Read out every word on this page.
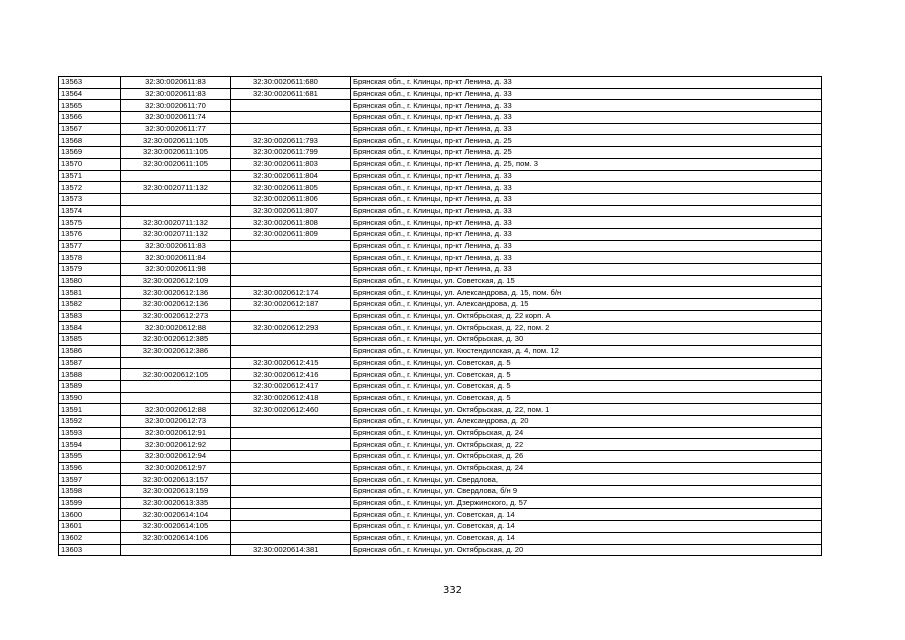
13563	32:30:0020611:83	32:30:0020611:680	Брянская обл., г. Клинцы, пр-кт Ленина, д. 33
13564	32:30:0020611:83	32:30:0020611:681	Брянская обл., г. Клинцы, пр-кт Ленина, д. 33
13565	32:30:0020611:70		Брянская обл., г. Клинцы, пр-кт Ленина, д. 33
13566	32:30:0020611:74		Брянская обл., г. Клинцы, пр-кт Ленина, д. 33
13567	32:30:0020611:77		Брянская обл., г. Клинцы, пр-кт Ленина, д. 33
13568	32:30:0020611:105	32:30:0020611:793	Брянская обл., г. Клинцы, пр-кт Ленина, д. 25
13569	32:30:0020611:105	32:30:0020611:799	Брянская обл., г. Клинцы, пр-кт Ленина, д. 25
13570	32:30:0020611:105	32:30:0020611:803	Брянская обл., г. Клинцы, пр-кт Ленина, д. 25, пом. 3
13571		32:30:0020611:804	Брянская обл., г. Клинцы, пр-кт Ленина, д. 33
13572	32:30:0020711:132	32:30:0020611:805	Брянская обл., г. Клинцы, пр-кт Ленина, д. 33
13573		32:30:0020611:806	Брянская обл., г. Клинцы, пр-кт Ленина, д. 33
13574		32:30:0020611:807	Брянская обл., г. Клинцы, пр-кт Ленина, д. 33
13575	32:30:0020711:132	32:30:0020611:808	Брянская обл., г. Клинцы, пр-кт Ленина, д. 33
13576	32:30:0020711:132	32:30:0020611:809	Брянская обл., г. Клинцы, пр-кт Ленина, д. 33
13577	32:30:0020611:83		Брянская обл., г. Клинцы, пр-кт Ленина, д. 33
13578	32:30:0020611:84		Брянская обл., г. Клинцы, пр-кт Ленина, д. 33
13579	32:30:0020611:98		Брянская обл., г. Клинцы, пр-кт Ленина, д. 33
13580	32:30:0020612:109		Брянская обл., г. Клинцы, ул. Советская, д. 15
13581	32:30:0020612:136	32:30:0020612:174	Брянская обл., г. Клинцы, ул. Александрова, д. 15, пом. б/н
13582	32:30:0020612:136	32:30:0020612:187	Брянская обл., г. Клинцы, ул. Александрова, д. 15
13583	32:30:0020612:273		Брянская обл., г. Клинцы, ул. Октябрьская, д. 22 корп. А
13584	32:30:0020612:88	32:30:0020612:293	Брянская обл., г. Клинцы, ул. Октябрьская, д. 22, пом. 2
13585	32:30:0020612:385		Брянская обл., г. Клинцы, ул. Октябрьская, д. 30
13586	32:30:0020612:386		Брянская обл., г. Клинцы, ул. Кюстендилская, д. 4, пом. 12
13587		32:30:0020612:415	Брянская обл., г. Клинцы, ул. Советская, д. 5
13588	32:30:0020612:105	32:30:0020612:416	Брянская обл., г. Клинцы, ул. Советская, д. 5
13589		32:30:0020612:417	Брянская обл., г. Клинцы, ул. Советская, д. 5
13590		32:30:0020612:418	Брянская обл., г. Клинцы, ул. Советская, д. 5
13591	32:30:0020612:88	32:30:0020612:460	Брянская обл., г. Клинцы, ул. Октябрьская, д. 22, пом. 1
13592	32:30:0020612:73		Брянская обл., г. Клинцы, ул. Александрова, д. 20
13593	32:30:0020612:91		Брянская обл., г. Клинцы, ул. Октябрьская, д. 24
13594	32:30:0020612:92		Брянская обл., г. Клинцы, ул. Октябрьская, д. 22
13595	32:30:0020612:94		Брянская обл., г. Клинцы, ул. Октябрьская, д. 26
13596	32:30:0020612:97		Брянская обл., г. Клинцы, ул. Октябрьская, д. 24
13597	32:30:0020613:157		Брянская обл., г. Клинцы, ул. Свердлова,
13598	32:30:0020613:159		Брянская обл., г. Клинцы, ул. Свердлова, б/н 9
13599	32:30:0020613:335		Брянская обл., г. Клинцы, ул. Дзержинского, д. 57
13600	32:30:0020614:104		Брянская обл., г. Клинцы, ул. Советская, д. 14
13601	32:30:0020614:105		Брянская обл., г. Клинцы, ул. Советская, д. 14
13602	32:30:0020614:106		Брянская обл., г. Клинцы, ул. Советская, д. 14
13603		32:30:0020614:381	Брянская обл., г. Клинцы, ул. Октябрьская, д. 20
332
